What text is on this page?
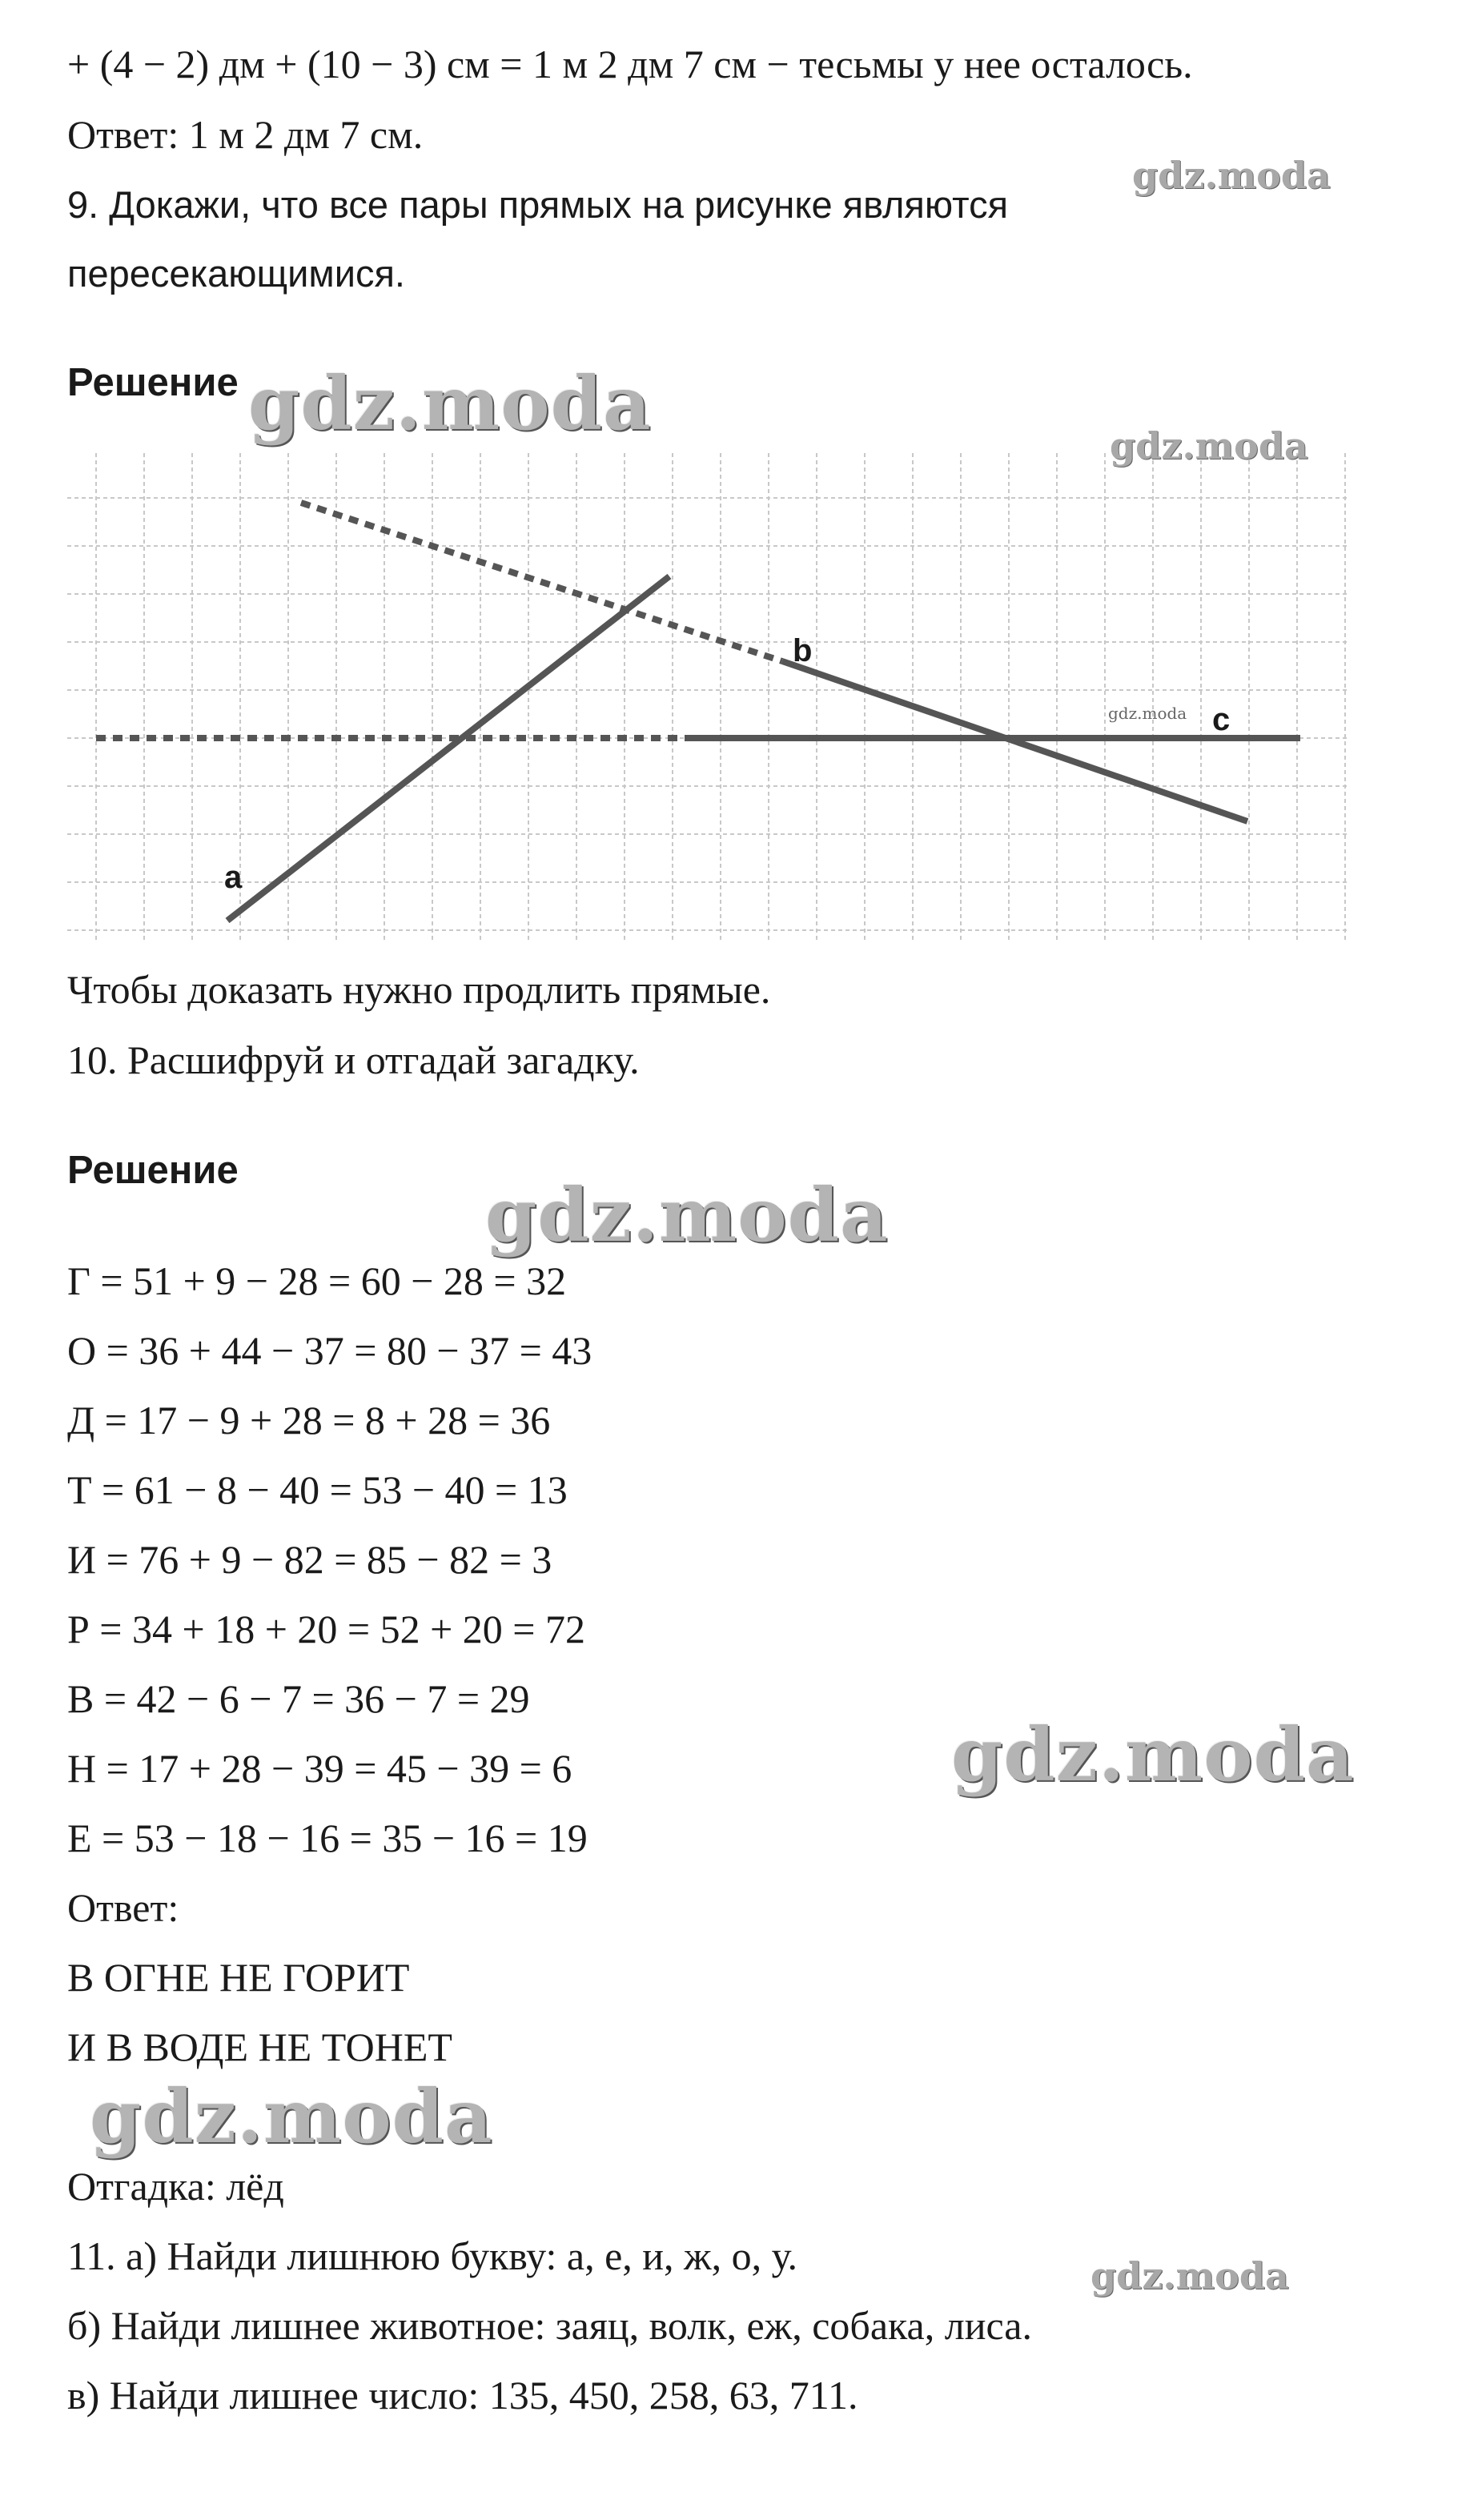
+ (4 − 2) дм + (10 − 3) см = 1 м 2 дм 7 см − тесьмы у нее осталось.
Ответ: 1 м 2 дм 7 см.
9. Докажи, что все пары прямых на рисунке являются
пересекающимися.
Решение
a
b
c
gdz.moda
Чтобы доказать нужно продлить прямые.
10. Расшифруй и отгадай загадку.
Решение
Г = 51 + 9 − 28 = 60 − 28 = 32
О = 36 + 44 − 37 = 80 − 37 = 43
Д = 17 − 9 + 28 = 8 + 28 = 36
Т = 61 − 8 − 40 = 53 − 40 = 13
И = 76 + 9 − 82 = 85 − 82 = 3
Р = 34 + 18 + 20 = 52 + 20 = 72
В = 42 − 6 − 7 = 36 − 7 = 29
Н = 17 + 28 − 39 = 45 − 39 = 6
Е = 53 − 18 − 16 = 35 − 16 = 19
Ответ:
В ОГНЕ НЕ ГОРИТ
И В ВОДЕ НЕ ТОНЕТ
Отгадка: лёд
11. а) Найди лишнюю букву: а, е, и, ж, о, у.
б) Найди лишнее животное: заяц, волк, еж, собака, лиса.
в) Найди лишнее число: 135, 450, 258, 63, 711.
gdz.moda
gdz.moda	gdz.moda
gdz.moda
gdz.moda
gdz.moda
gdz.moda
